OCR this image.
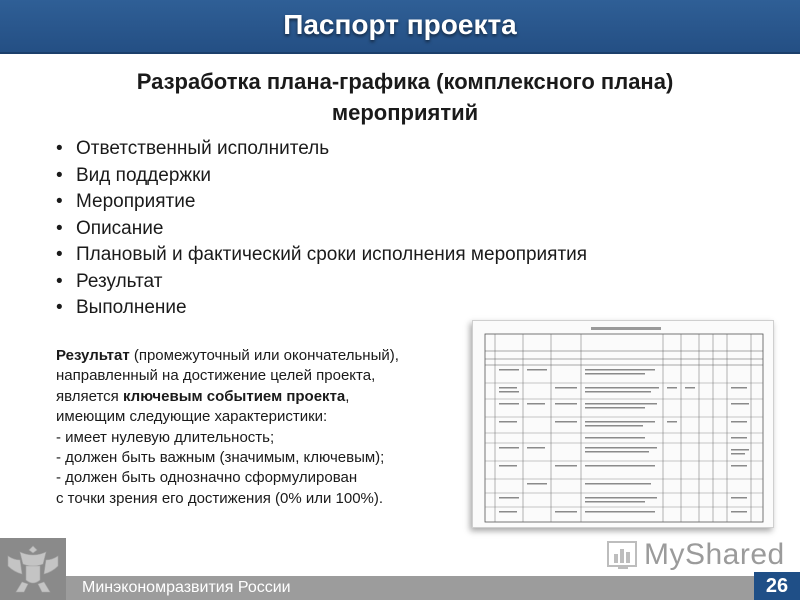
Паспорт проекта
Разработка плана-графика (комплексного плана)
мероприятий
• Ответственный исполнитель
• Вид поддержки
• Мероприятие
• Описание
• Плановый и фактический сроки исполнения мероприятия
• Результат
• Выполнение
Результат (промежуточный или окончательный),
направленный на достижение целей проекта,
является ключевым событием проекта,
имеющим следующие характеристики:
- имеет нулевую длительность;
- должен быть важным (значимым, ключевым);
- должен быть однозначно сформулирован
с точки зрения его достижения (0% или 100%).
MyShared
Минэкономразвития России	26
